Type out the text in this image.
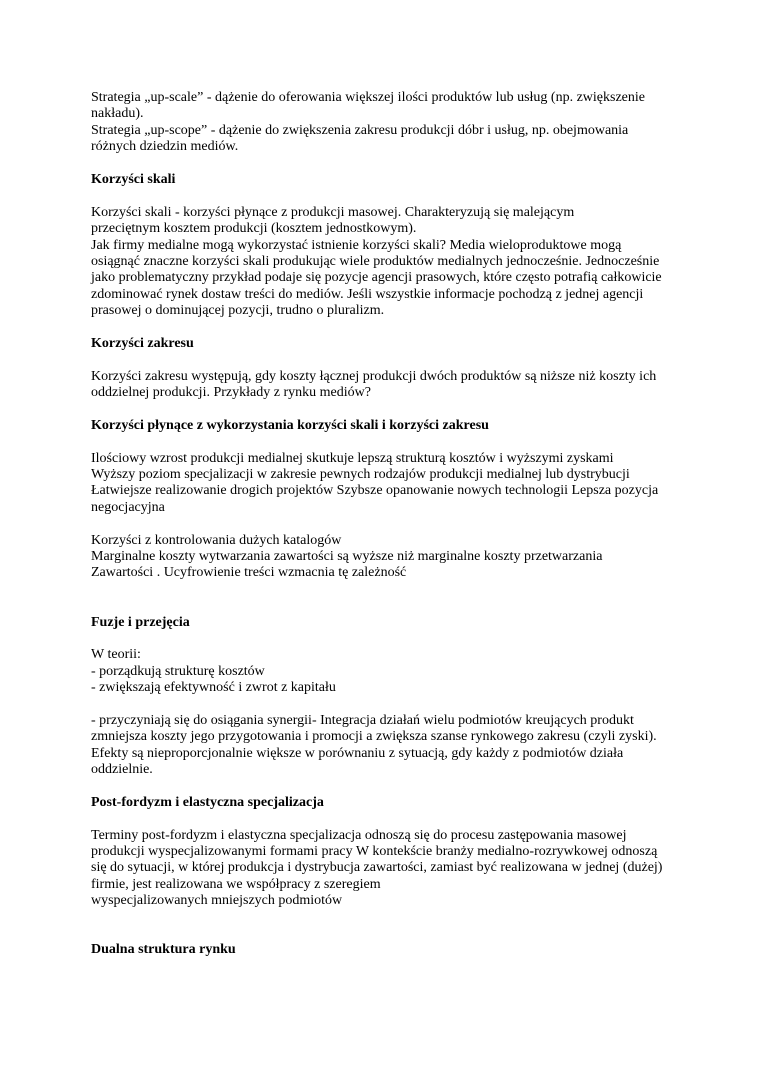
Strategia „up-scale” - dążenie do oferowania większej ilości produktów lub usług (np. zwiększenie
nakładu).
Strategia „up-scope” - dążenie do zwiększenia zakresu produkcji dóbr i usług, np. obejmowania
różnych dziedzin mediów.
Korzyści skali
Korzyści skali - korzyści płynące z produkcji masowej. Charakteryzują się malejącym
przeciętnym kosztem produkcji (kosztem jednostkowym).
Jak firmy medialne mogą wykorzystać istnienie korzyści skali? Media wieloproduktowe mogą
osiągnąć znaczne korzyści skali produkując wiele produktów medialnych jednocześnie. Jednocześnie
jako problematyczny przykład podaje się pozycje agencji prasowych, które często potrafią całkowicie
zdominować rynek dostaw treści do mediów. Jeśli wszystkie informacje pochodzą z jednej agencji
prasowej o dominującej pozycji, trudno o pluralizm.
Korzyści zakresu
Korzyści zakresu występują, gdy koszty łącznej produkcji dwóch produktów są niższe niż koszty ich
oddzielnej produkcji. Przykłady z rynku mediów?
Korzyści płynące z wykorzystania korzyści skali i korzyści zakresu
Ilościowy wzrost produkcji medialnej skutkuje lepszą strukturą kosztów i wyższymi zyskami
Wyższy poziom specjalizacji w zakresie pewnych rodzajów produkcji medialnej lub dystrybucji
Łatwiejsze realizowanie drogich projektów Szybsze opanowanie nowych technologii Lepsza pozycja
negocjacyjna
Korzyści z kontrolowania dużych katalogów
Marginalne koszty wytwarzania zawartości są wyższe niż marginalne koszty przetwarzania
Zawartości . Ucyfrowienie treści wzmacnia tę zależność
Fuzje i przejęcia
W teorii:
- porządkują strukturę kosztów
- zwiększają efektywność i zwrot z kapitału
- przyczyniają się do osiągania synergii- Integracja działań wielu podmiotów kreujących produkt
zmniejsza koszty jego przygotowania i promocji a zwiększa szanse rynkowego zakresu (czyli zyski).
Efekty są nieproporcjonalnie większe w porównaniu z sytuacją, gdy każdy z podmiotów działa
oddzielnie.
Post-fordyzm i elastyczna specjalizacja
Terminy post-fordyzm i elastyczna specjalizacja odnoszą się do procesu zastępowania masowej
produkcji wyspecjalizowanymi formami pracy W kontekście branży medialno-rozrywkowej odnoszą
się do sytuacji, w której produkcja i dystrybucja zawartości, zamiast być realizowana w jednej (dużej)
firmie, jest realizowana we współpracy z szeregiem
wyspecjalizowanych mniejszych podmiotów
Dualna struktura rynku
